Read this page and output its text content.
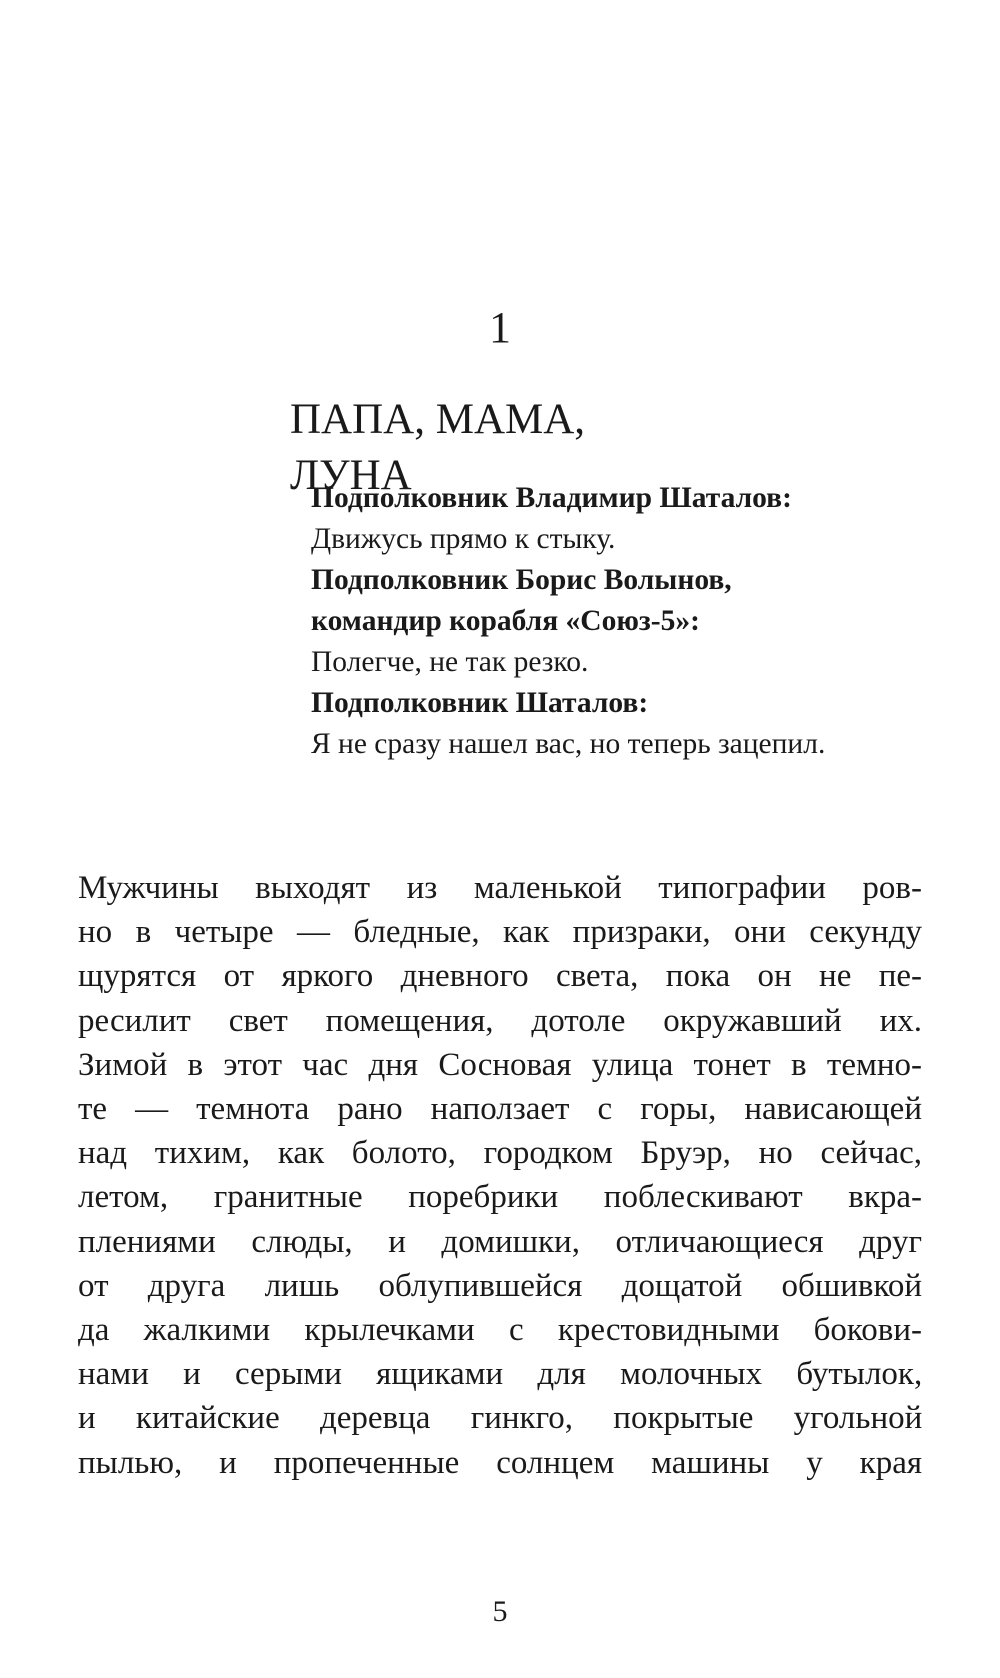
1
ПАПА, МАМА, ЛУНА
Подполковник Владимир Шаталов:
Движусь прямо к стыку.
Подполковник Борис Волынов,
командир корабля «Союз-5»:
Полегче, не так резко.
Подполковник Шаталов:
Я не сразу нашел вас, но теперь зацепил.
Мужчины выходят из маленькой типографии ров-
но в четыре — бледные, как призраки, они секунду
щурятся от яркого дневного света, пока он не пе-
ресилит свет помещения, дотоле окружавший их.
Зимой в этот час дня Сосновая улица тонет в темно-
те — темнота рано наползает с горы, нависающей
над тихим, как болото, городком Бруэр, но сейчас,
летом, гранитные поребрики поблескивают вкра-
плениями слюды, и домишки, отличающиеся друг
от друга лишь облупившейся дощатой обшивкой
да жалкими крылечками с крестовидными бокови-
нами и серыми ящиками для молочных бутылок,
и китайские деревца гинкго, покрытые угольной
пылью, и пропеченные солнцем машины у края
5
